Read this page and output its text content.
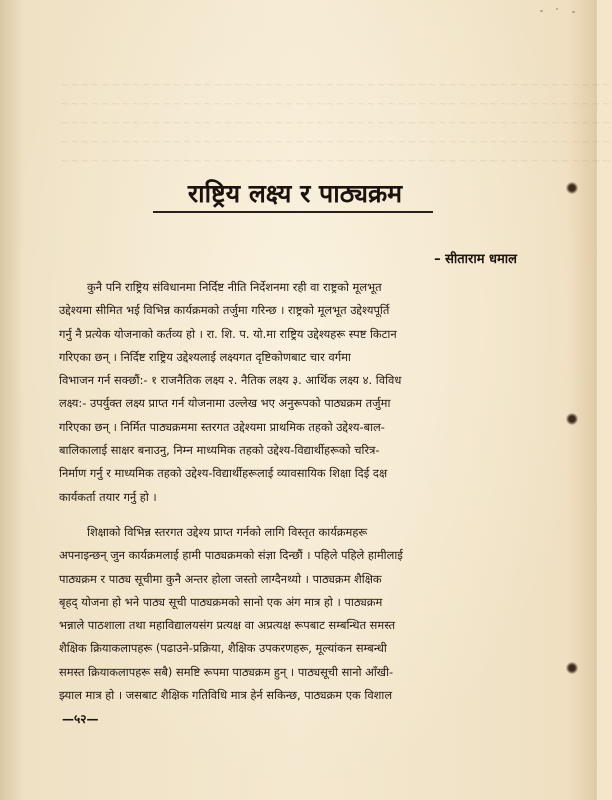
~~~~~~~~~~~~~~~~~~~~~~~~~~~~~~~~~~~~~~~~~~~~~~~~~~~~~~
~~~~~~~~~~~~~~~~~~~~~~~~~~~~~~~~~~~~~~~~~~~~~~~~~~~~~~
~~~~~~~~~~~~~~~~~~~~~~~~~~~~~~~~~~~~~~~~~~~~~~~~~~~~~~
~~~~~~~~~~~~~~~~~~~~~~~~~~~~~~~~~~~~~~~~~~~~~~~~~~~~~~
~~~~~~~~~~~~~~~~~~~~~~~~~~~~~~~~~~~~~~~~~~~~~~~~~~~~~~
राष्ट्रिय लक्ष्य र पाठ्यक्रम
– सीताराम धमाल
कुनै पनि राष्ट्रिय संविधानमा निर्दिष्ट नीति निर्देशनमा रही वा राष्ट्रको मूलभूत
उद्देश्यमा सीमित भई विभिन्न कार्यक्रमको तर्जुमा गरिन्छ । राष्ट्रको मूलभूत उद्देश्यपूर्ति
गर्नु नै प्रत्येक योजनाको कर्तव्य हो । रा. शि. प. यो.मा राष्ट्रिय उद्देश्यहरू स्पष्ट किटान
गरिएका छन् । निर्दिष्ट राष्ट्रिय उद्देश्यलाई लक्ष्यगत दृष्टिकोणबाट चार वर्गमा
विभाजन गर्न सक्छौं:- १ राजनैतिक लक्ष्य २. नैतिक लक्ष्य ३. आर्थिक लक्ष्य ४. विविध
लक्ष्य:- उपर्युक्त लक्ष्य प्राप्त गर्न योजनामा उल्लेख भए अनुरूपको पाठ्यक्रम तर्जुमा
गरिएका छन् । निर्मित पाठ्यक्रममा स्तरगत उद्देश्यमा प्राथमिक तहको उद्देश्य-बाल-
बालिकालाई साक्षर बनाउनु, निम्न माध्यमिक तहको उद्देश्य-विद्यार्थीहरूको चरित्र-
निर्माण गर्नु र माध्यमिक तहको उद्देश्य-विद्यार्थीहरूलाई व्यावसायिक शिक्षा दिई दक्ष
कार्यकर्ता तयार गर्नु हो ।
शिक्षाको विभिन्न स्तरगत उद्देश्य प्राप्त गर्नको लागि विस्तृत कार्यक्रमहरू
अपनाइन्छन् जुन कार्यक्रमलाई हामी पाठ्यक्रमको संज्ञा दिन्छौं । पहिले पहिले हामीलाई
पाठ्यक्रम र पाठ्य सूचीमा कुनै अन्तर होला जस्तो लाग्दैनथ्यो । पाठ्यक्रम शैक्षिक
बृहद् योजना हो भने पाठ्य सूची पाठ्यक्रमको सानो एक अंग मात्र हो । पाठ्यक्रम
भन्नाले पाठशाला तथा महाविद्यालयसंग प्रत्यक्ष वा अप्रत्यक्ष रूपबाट सम्बन्धित समस्त
शैक्षिक क्रियाकलापहरू (पढाउने-प्रक्रिया, शैक्षिक उपकरणहरू, मूल्यांकन सम्बन्धी
समस्त क्रियाकलापहरू सबै) समष्टि रूपमा पाठ्यक्रम हुन् । पाठ्यसूची सानो आँखी-
झ्याल मात्र हो । जसबाट शैक्षिक गतिविधि मात्र हेर्न सकिन्छ, पाठ्यक्रम एक विशाल
—५२—
